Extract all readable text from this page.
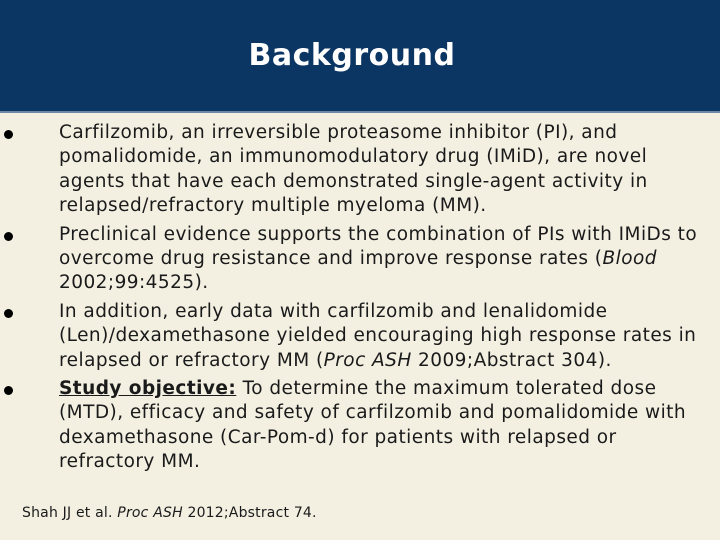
Background
Carfilzomib, an irreversible proteasome inhibitor (PI), and pomalidomide, an immunomodulatory drug (IMiD), are novel agents that have each demonstrated single-agent activity in relapsed/refractory multiple myeloma (MM).
Preclinical evidence supports the combination of PIs with IMiDs to overcome drug resistance and improve response rates (Blood 2002;99:4525).
In addition, early data with carfilzomib and lenalidomide (Len)/dexamethasone yielded encouraging high response rates in relapsed or refractory MM (Proc ASH 2009;Abstract 304).
Study objective: To determine the maximum tolerated dose (MTD), efficacy and safety of carfilzomib and pomalidomide with dexamethasone (Car-Pom-d) for patients with relapsed or refractory MM.
Shah JJ et al. Proc ASH 2012;Abstract 74.
